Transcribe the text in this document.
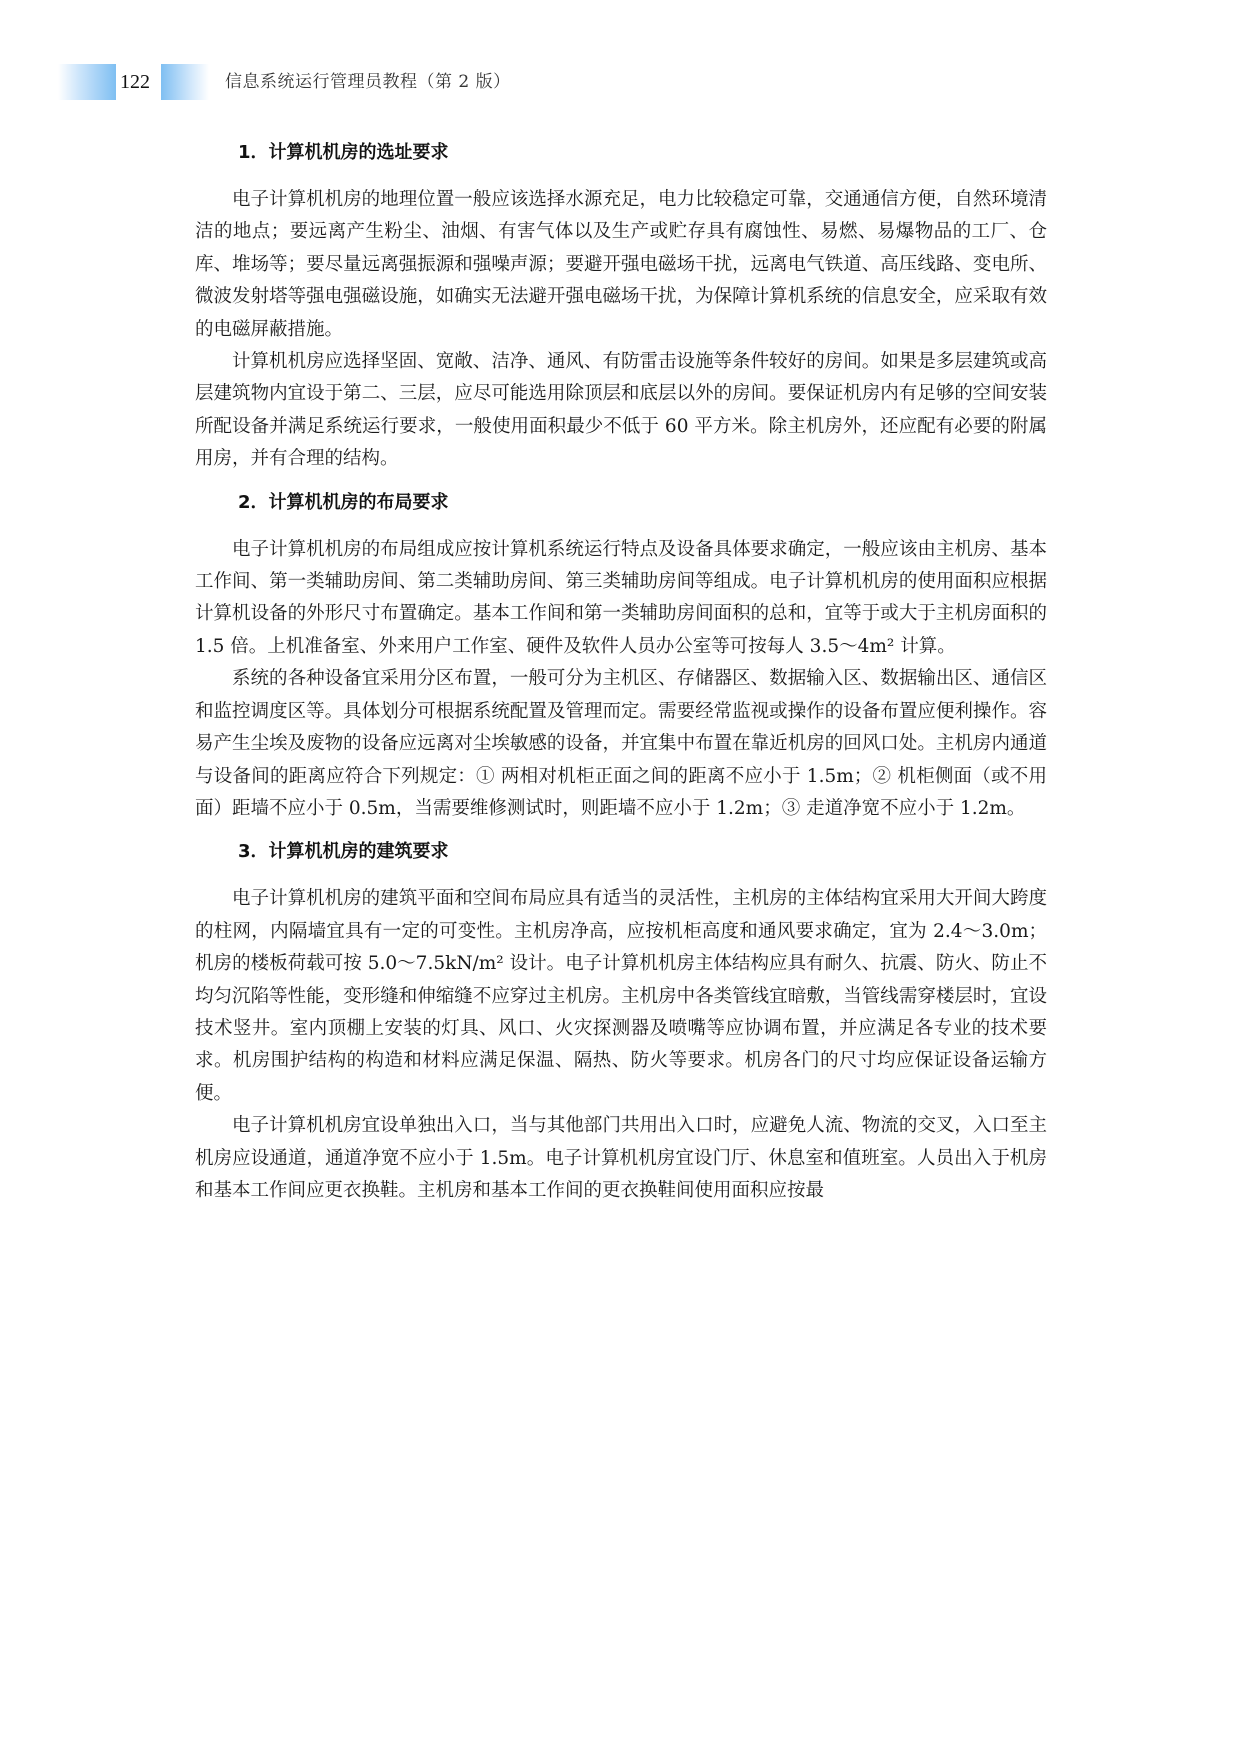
122	信息系统运行管理员教程（第 2 版）
1．计算机机房的选址要求

电子计算机机房的地理位置一般应该选择水源充足，电力比较稳定可靠，交通通信方便，自然环境清洁的地点；要远离产生粉尘、油烟、有害气体以及生产或贮存具有腐蚀性、易燃、易爆物品的工厂、仓库、堆场等；要尽量远离强振源和强噪声源；要避开强电磁场干扰，远离电气铁道、高压线路、变电所、微波发射塔等强电强磁设施，如确实无法避开强电磁场干扰，为保障计算机系统的信息安全，应采取有效的电磁屏蔽措施。

计算机机房应选择坚固、宽敞、洁净、通风、有防雷击设施等条件较好的房间。如果是多层建筑或高层建筑物内宜设于第二、三层，应尽可能选用除顶层和底层以外的房间。要保证机房内有足够的空间安装所配设备并满足系统运行要求，一般使用面积最少不低于 60 平方米。除主机房外，还应配有必要的附属用房，并有合理的结构。

2．计算机机房的布局要求

电子计算机机房的布局组成应按计算机系统运行特点及设备具体要求确定，一般应该由主机房、基本工作间、第一类辅助房间、第二类辅助房间、第三类辅助房间等组成。电子计算机机房的使用面积应根据计算机设备的外形尺寸布置确定。基本工作间和第一类辅助房间面积的总和，宜等于或大于主机房面积的 1.5 倍。上机准备室、外来用户工作室、硬件及软件人员办公室等可按每人 3.5～4m² 计算。

系统的各种设备宜采用分区布置，一般可分为主机区、存储器区、数据输入区、数据输出区、通信区和监控调度区等。具体划分可根据系统配置及管理而定。需要经常监视或操作的设备布置应便利操作。容易产生尘埃及废物的设备应远离对尘埃敏感的设备，并宜集中布置在靠近机房的回风口处。主机房内通道与设备间的距离应符合下列规定：① 两相对机柜正面之间的距离不应小于 1.5m；② 机柜侧面（或不用面）距墙不应小于 0.5m，当需要维修测试时，则距墙不应小于 1.2m；③ 走道净宽不应小于 1.2m。

3．计算机机房的建筑要求

电子计算机机房的建筑平面和空间布局应具有适当的灵活性，主机房的主体结构宜采用大开间大跨度的柱网，内隔墙宜具有一定的可变性。主机房净高，应按机柜高度和通风要求确定，宜为 2.4～3.0m；机房的楼板荷载可按 5.0～7.5kN/m² 设计。电子计算机机房主体结构应具有耐久、抗震、防火、防止不均匀沉陷等性能，变形缝和伸缩缝不应穿过主机房。主机房中各类管线宜暗敷，当管线需穿楼层时，宜设技术竖井。室内顶棚上安装的灯具、风口、火灾探测器及喷嘴等应协调布置，并应满足各专业的技术要求。机房围护结构的构造和材料应满足保温、隔热、防火等要求。机房各门的尺寸均应保证设备运输方便。

电子计算机机房宜设单独出入口，当与其他部门共用出入口时，应避免人流、物流的交叉，入口至主机房应设通道，通道净宽不应小于 1.5m。电子计算机机房宜设门厅、休息室和值班室。人员出入于机房和基本工作间应更衣换鞋。主机房和基本工作间的更衣换鞋间使用面积应按最
